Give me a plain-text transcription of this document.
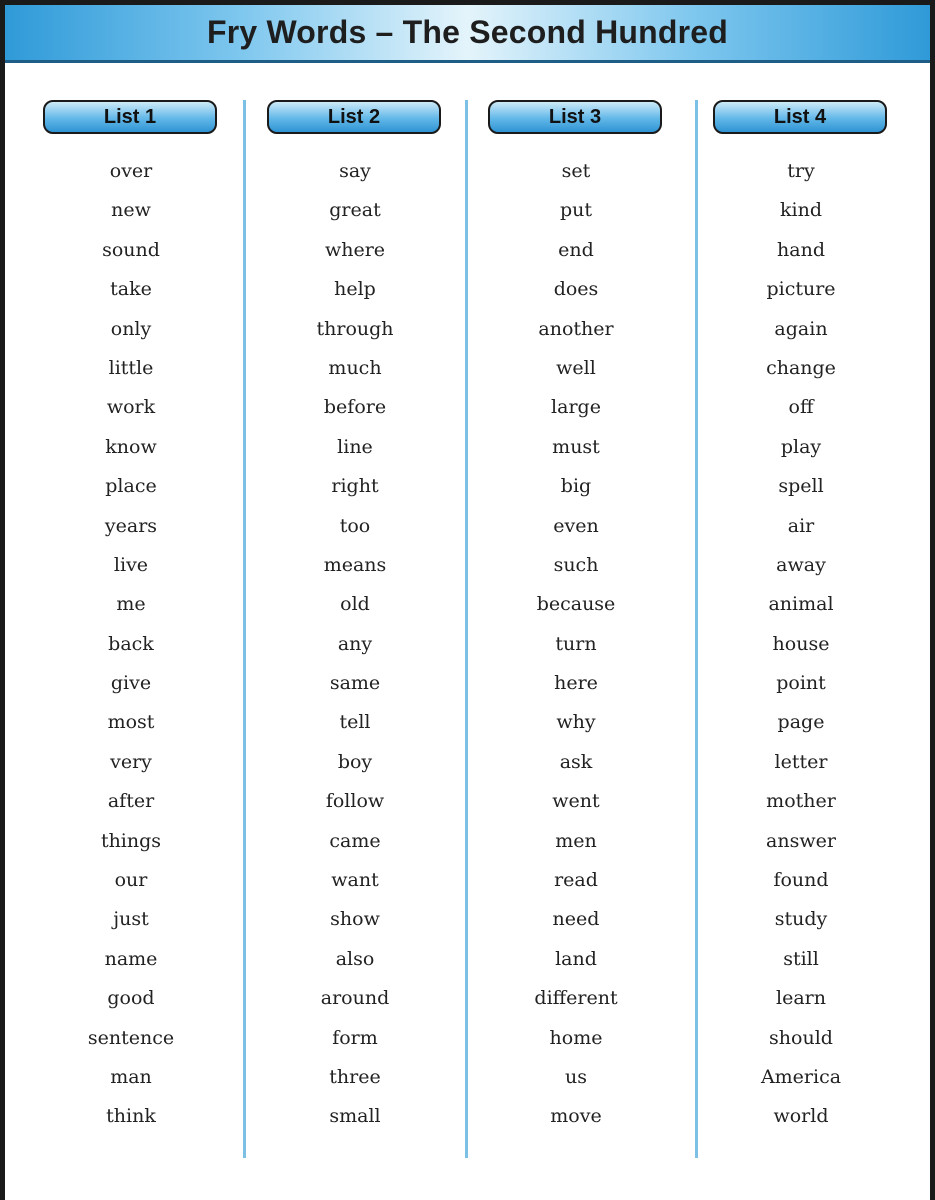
Fry Words – The Second Hundred
List 1
over
new
sound
take
only
little
work
know
place
years
live
me
back
give
most
very
after
things
our
just
name
good
sentence
man
think
List 2
say
great
where
help
through
much
before
line
right
too
means
old
any
same
tell
boy
follow
came
want
show
also
around
form
three
small
List 3
set
put
end
does
another
well
large
must
big
even
such
because
turn
here
why
ask
went
men
read
need
land
different
home
us
move
List 4
try
kind
hand
picture
again
change
off
play
spell
air
away
animal
house
point
page
letter
mother
answer
found
study
still
learn
should
America
world
